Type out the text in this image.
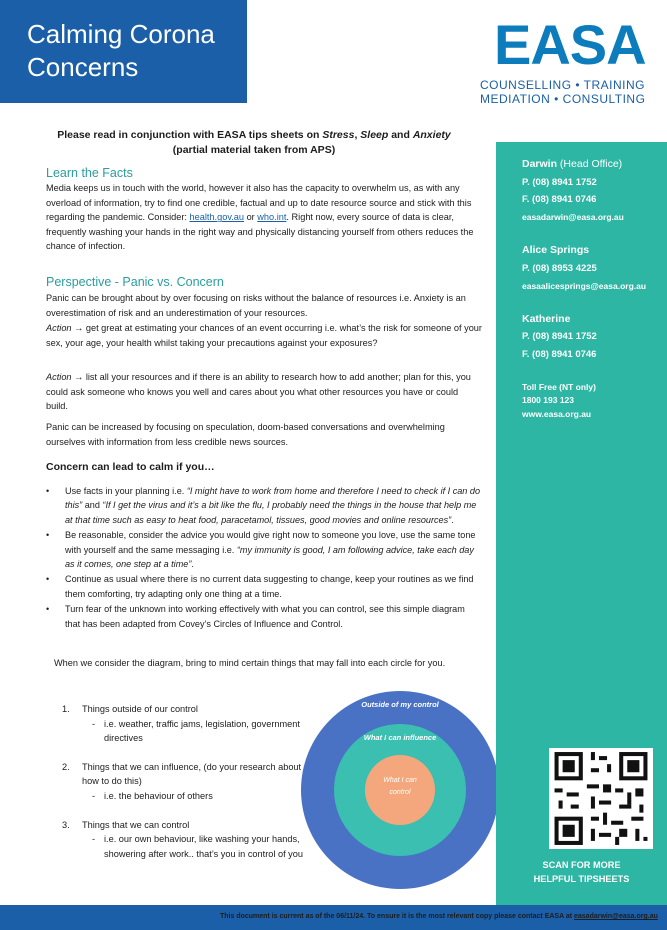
Calming Corona
Concerns	EASA
COUNSELLING • TRAINING
MEDIATION • CONSULTING
Please read in conjunction with EASA tips sheets on Stress, Sleep and Anxiety
(partial material taken from APS)
Learn the Facts
Media keeps us in touch with the world, however it also has the capacity to overwhelm us, as with any overload of information, try to find one credible, factual and up to date resource source and stick with this regarding the pandemic. Consider: health.gov.au or who.int. Right now, every source of data is clear, frequently washing your hands in the right way and physically distancing yourself from others reduces the chance of infection.
Perspective - Panic vs. Concern
Panic can be brought about by over focusing on risks without the balance of resources i.e. Anxiety is an overestimation of risk and an underestimation of your resources.
Action → get great at estimating your chances of an event occurring i.e. what’s the risk for someone of your sex, your age, your health whilst taking your precautions against your exposures?
Action → list all your resources and if there is an ability to research how to add another; plan for this, you could ask someone who knows you well and cares about you what other resources you have or could build.
Panic can be increased by focusing on speculation, doom-based conversations and overwhelming ourselves with information from less credible news sources.
Concern can lead to calm if you…
• Use facts in your planning i.e. “I might have to work from home and therefore I need to check if I can do this” and “If I get the virus and it’s a bit like the flu, I probably need the things in the house that help me at that time such as easy to heat food, paracetamol, tissues, good movies and online resources”.
• Be reasonable, consider the advice you would give right now to someone you love, use the same tone with yourself and the same messaging i.e. “my immunity is good, I am following advice, take each day as it comes, one step at a time”.
• Continue as usual where there is no current data suggesting to change, keep your routines as we find them comforting, try adapting only one thing at a time.
• Turn fear of the unknown into working effectively with what you can control, see this simple diagram that has been adapted from Covey’s Circles of Influence and Control.
When we consider the diagram, bring to mind certain things that may fall into each circle for you.
1. Things outside of our control
- i.e. weather, traffic jams, legislation, government directives
2. Things that we can influence, (do your research about how to do this)
- i.e. the behaviour of others
3. Things that we can control
- i.e. our own behaviour, like washing your hands, showering after work.. that’s you in control of you
Outside of my control
What I can influence
What I can
control
Darwin (Head Office)
P. (08) 8941 1752
F. (08) 8941 0746
easadarwin@easa.org.au
Alice Springs
P. (08) 8953 4225
easaalicesprings@easa.org.au
Katherine
P. (08) 8941 1752
F. (08) 8941 0746
Toll Free (NT only)
1800 193 123
www.easa.org.au
SCAN FOR MORE
HELPFUL TIPSHEETS
This document is current as of the 06/11/24. To ensure it is the most relevant copy please contact EASA at easadarwin@easa.org.au
